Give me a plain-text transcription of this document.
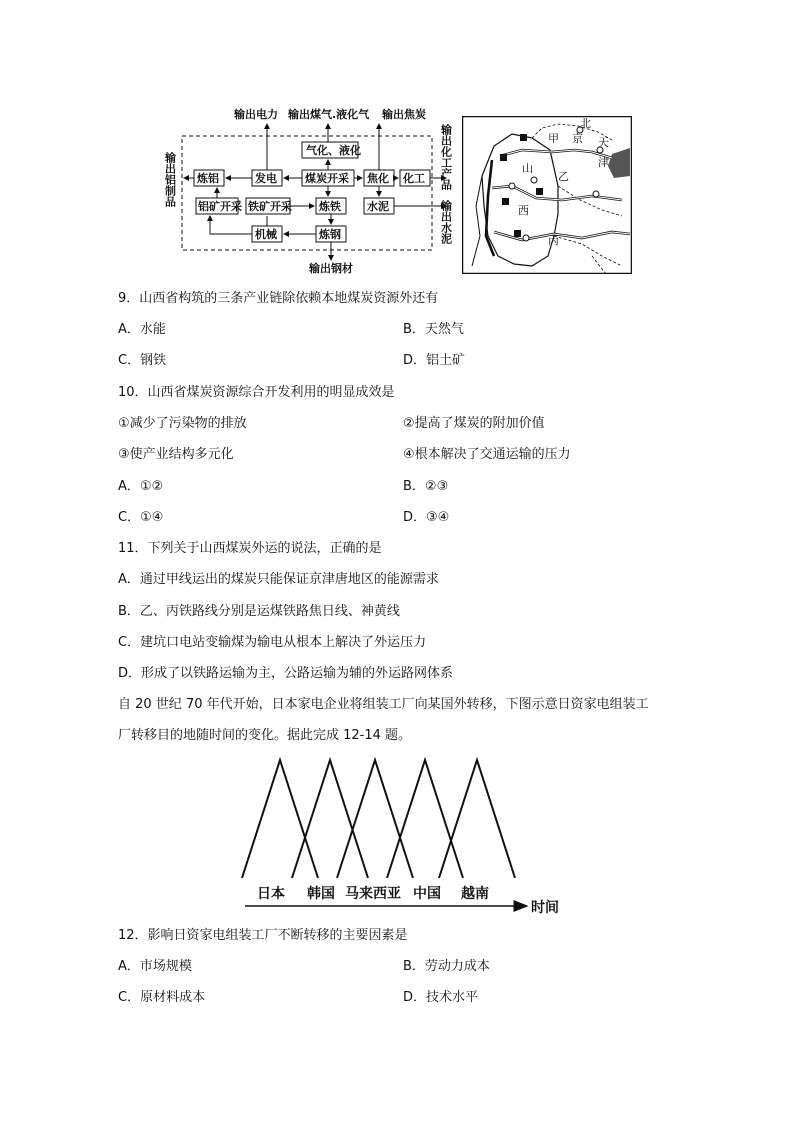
输出电力 输出煤气.液化气 输出焦炭
输出铝制品
气化、液化
炼铝	发电	煤炭开采 焦化 化工
铝矿开采 铁矿开采 炼铁 水泥
机械	炼钢
输出钢材
输出化工产品
输出水泥
北
京 天
津
甲
山
乙
西
丙
9．山西省构筑的三条产业链除依赖本地煤炭资源外还有
A．水能	B．天然气
C．钢铁	D．铝土矿
10．山西省煤炭资源综合开发利用的明显成效是
①减少了污染物的排放	②提高了煤炭的附加价值
③使产业结构多元化	④根本解决了交通运输的压力
A．①②	B．②③
C．①④	D．③④
11．下列关于山西煤炭外运的说法，正确的是
A．通过甲线运出的煤炭只能保证京津唐地区的能源需求
B．乙、丙铁路线分别是运煤铁路焦日线、神黄线
C．建坑口电站变输煤为输电从根本上解决了外运压力
D．形成了以铁路运输为主，公路运输为辅的外运路网体系
自 20 世纪 70 年代开始，日本家电企业将组装工厂向某国外转移，下图示意日资家电组装工
厂转移目的地随时间的变化。据此完成 12-14 题。
日本 韩国 马来西亚 中国 越南
时间
12．影响日资家电组装工厂不断转移的主要因素是
A．市场规模	B．劳动力成本
C．原材料成本	D．技术水平
